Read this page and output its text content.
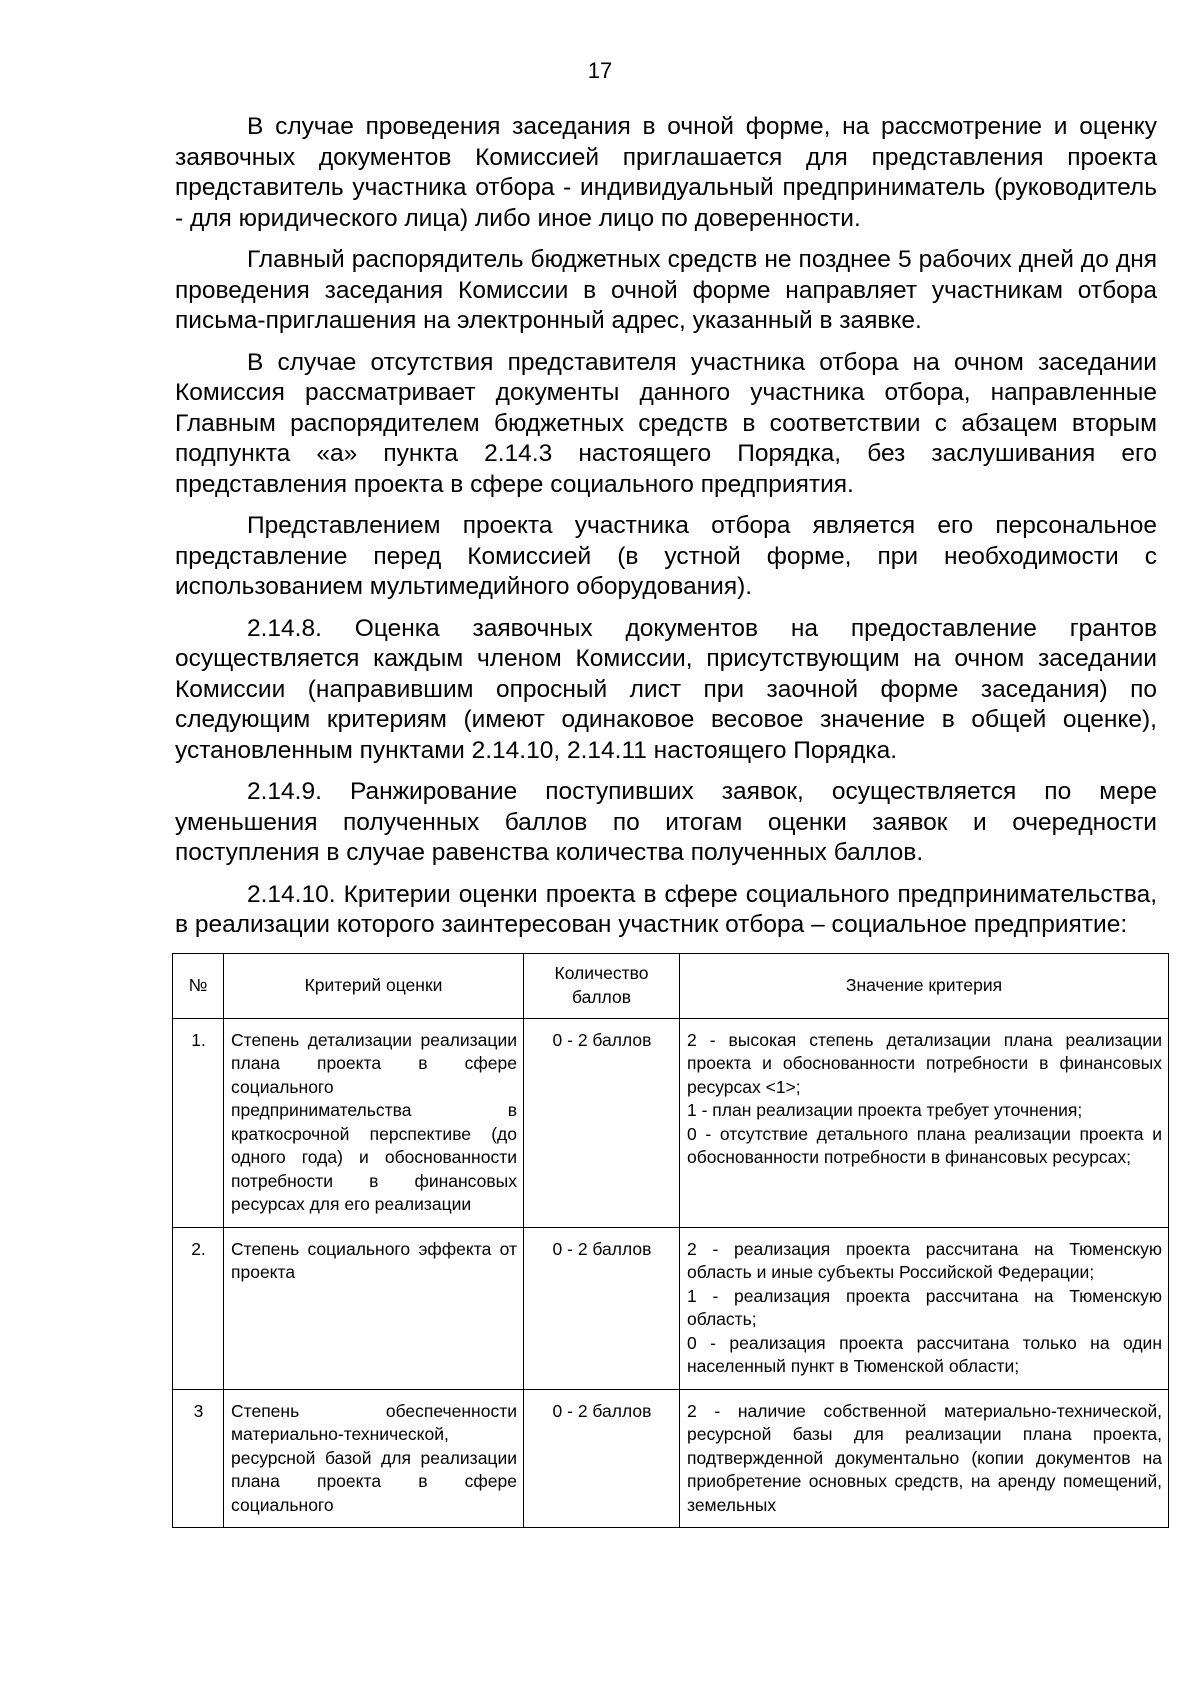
17

В случае проведения заседания в очной форме, на рассмотрение и оценку заявочных документов Комиссией приглашается для представления проекта представитель участника отбора - индивидуальный предприниматель (руководитель - для юридического лица) либо иное лицо по доверенности.

Главный распорядитель бюджетных средств не позднее 5 рабочих дней до дня проведения заседания Комиссии в очной форме направляет участникам отбора письма-приглашения на электронный адрес, указанный в заявке.

В случае отсутствия представителя участника отбора на очном заседании Комиссия рассматривает документы данного участника отбора, направленные Главным распорядителем бюджетных средств в соответствии с абзацем вторым подпункта «а» пункта 2.14.3 настоящего Порядка, без заслушивания его представления проекта в сфере социального предприятия.

Представлением проекта участника отбора является его персональное представление перед Комиссией (в устной форме, при необходимости с использованием мультимедийного оборудования).

2.14.8. Оценка заявочных документов на предоставление грантов осуществляется каждым членом Комиссии, присутствующим на очном заседании Комиссии (направившим опросный лист при заочной форме заседания) по следующим критериям (имеют одинаковое весовое значение в общей оценке), установленным пунктами 2.14.10, 2.14.11 настоящего Порядка.

2.14.9. Ранжирование поступивших заявок, осуществляется по мере уменьшения полученных баллов по итогам оценки заявок и очередности поступления в случае равенства количества полученных баллов.

2.14.10. Критерии оценки проекта в сфере социального предпринимательства, в реализации которого заинтересован участник отбора – социальное предприятие:

№	Критерий оценки	Количество баллов	Значение критерия
1.	Степень детализации реализации плана проекта в сфере социального предпринимательства в краткосрочной перспективе (до одного года) и обоснованности потребности в финансовых ресурсах для его реализации	0 - 2 баллов	2 - высокая степень детализации плана реализации проекта и обоснованности потребности в финансовых ресурсах <1>;
1 - план реализации проекта требует уточнения;
0 - отсутствие детального плана реализации проекта и обоснованности потребности в финансовых ресурсах;

2.	Степень социального эффекта от проекта	0 - 2 баллов	2 - реализация проекта рассчитана на Тюменскую область и иные субъекты Российской Федерации;
1 - реализация проекта рассчитана на Тюменскую область;
0 - реализация проекта рассчитана только на один населенный пункт в Тюменской области;

3	Степень обеспеченности материально-технической, ресурсной базой для реализации плана проекта в сфере социального	0 - 2 баллов	2 - наличие собственной материально-технической, ресурсной базы для реализации плана проекта, подтвержденной документально (копии документов на приобретение основных средств, на аренду помещений, земельных
